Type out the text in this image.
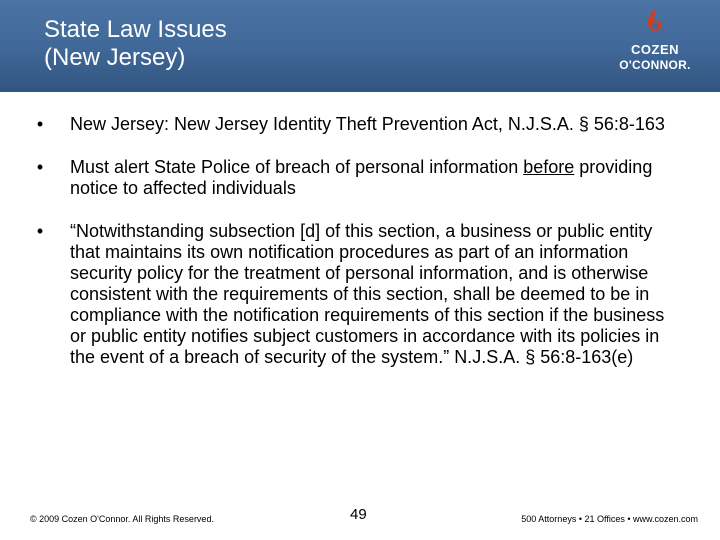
State Law Issues
(New Jersey)	COZEN
O'CONNOR.
•	New Jersey: New Jersey Identity Theft Prevention Act, N.J.S.A. § 56:8-163
•	Must alert State Police of breach of personal information before providing notice to affected individuals
•	“Notwithstanding subsection [d] of this section, a business or public entity that maintains its own notification procedures as part of an information security policy for the treatment of personal information, and is otherwise consistent with the requirements of this section, shall be deemed to be in compliance with the notification requirements of this section if the business or public entity notifies subject customers in accordance with its policies in the event of a breach of security of the system.” N.J.S.A. § 56:8-163(e)
© 2009 Cozen O'Connor. All Rights Reserved.	49	500 Attorneys • 21 Offices • www.cozen.com
